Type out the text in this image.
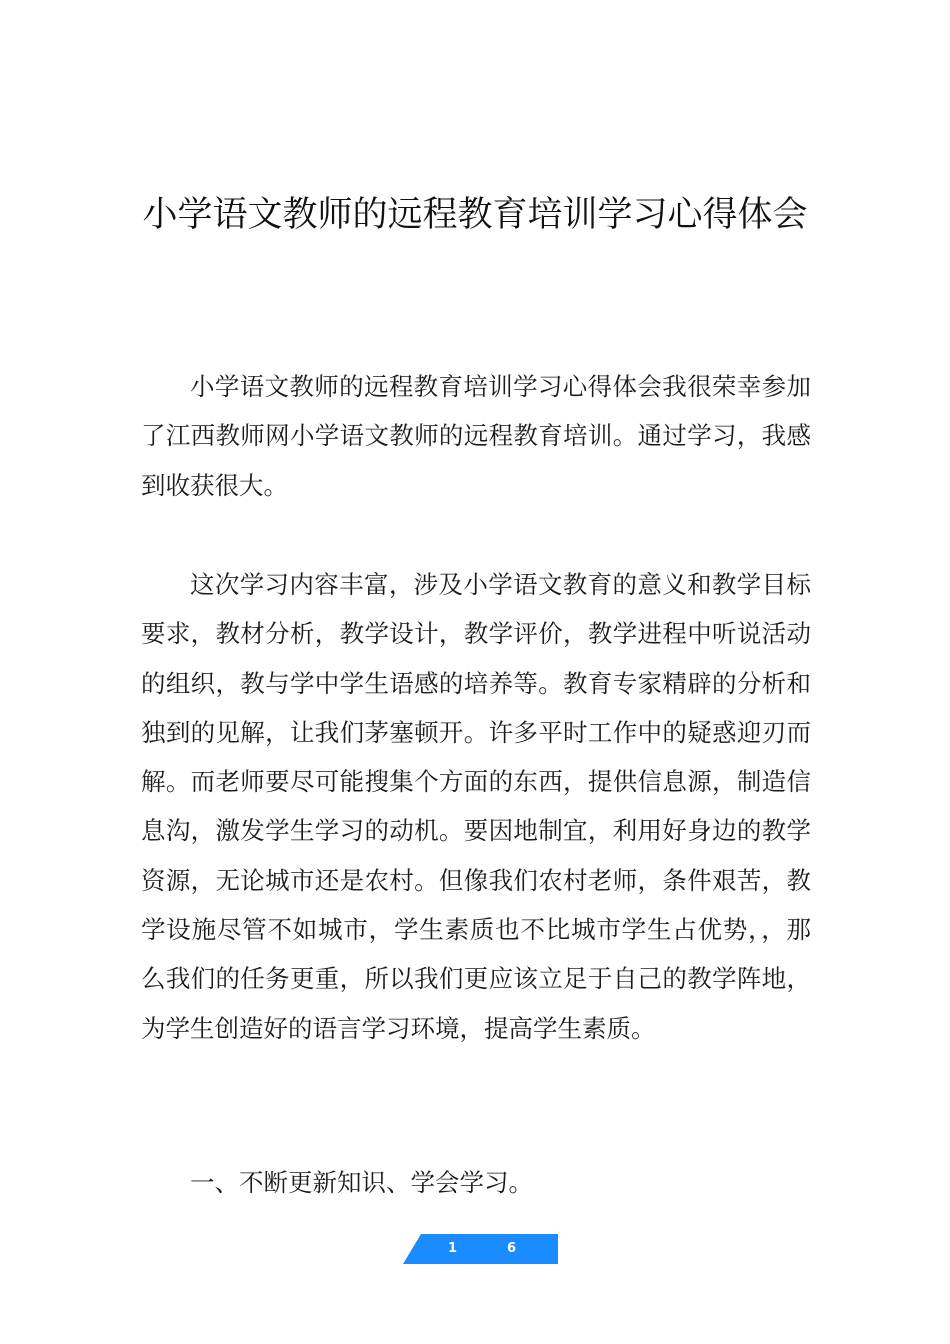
小学语文教师的远程教育培训学习心得体会

小学语文教师的远程教育培训学习心得体会我很荣幸参加了江西教师网小学语文教师的远程教育培训。通过学习，我感到收获很大。

这次学习内容丰富，涉及小学语文教育的意义和教学目标要求，教材分析，教学设计，教学评价，教学进程中听说活动的组织，教与学中学生语感的培养等。教育专家精辟的分析和独到的见解，让我们茅塞顿开。许多平时工作中的疑惑迎刃而解。而老师要尽可能搜集个方面的东西，提供信息源，制造信息沟，激发学生学习的动机。要因地制宜，利用好身边的教学资源，无论城市还是农村。但像我们农村老师，条件艰苦，教学设施尽管不如城市，学生素质也不比城市学生占优势，，那么我们的任务更重，所以我们更应该立足于自己的教学阵地，为学生创造好的语言学习环境，提高学生素质。

一、不断更新知识、学会学习。

1	6
